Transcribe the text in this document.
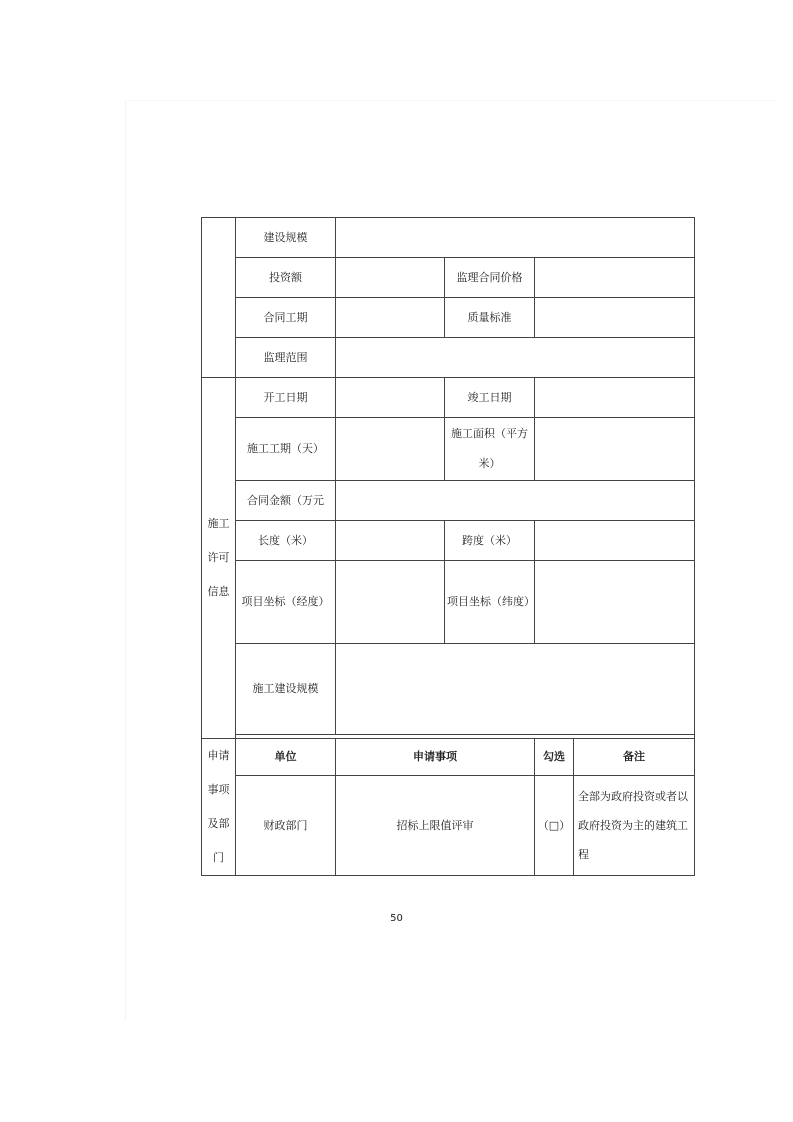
	建设规模				
	投资额		监理合同价格		
	合同工期		质量标准		
	监理范围				
施工
许可
信息	开工日期		竣工日期		
	施工工期（天）		施工面积（平方
米）		
	合同金额（万元				
	长度（米）		跨度（米）		
	项目坐标（经度）		项目坐标（纬度）		
	施工建设规模				

申请
事项
及部
门	单位	申请事项		勾选	备注
	财政部门	招标上限值评审		（□）	全部为政府投资或者以
政府投资为主的建筑工
程
50
